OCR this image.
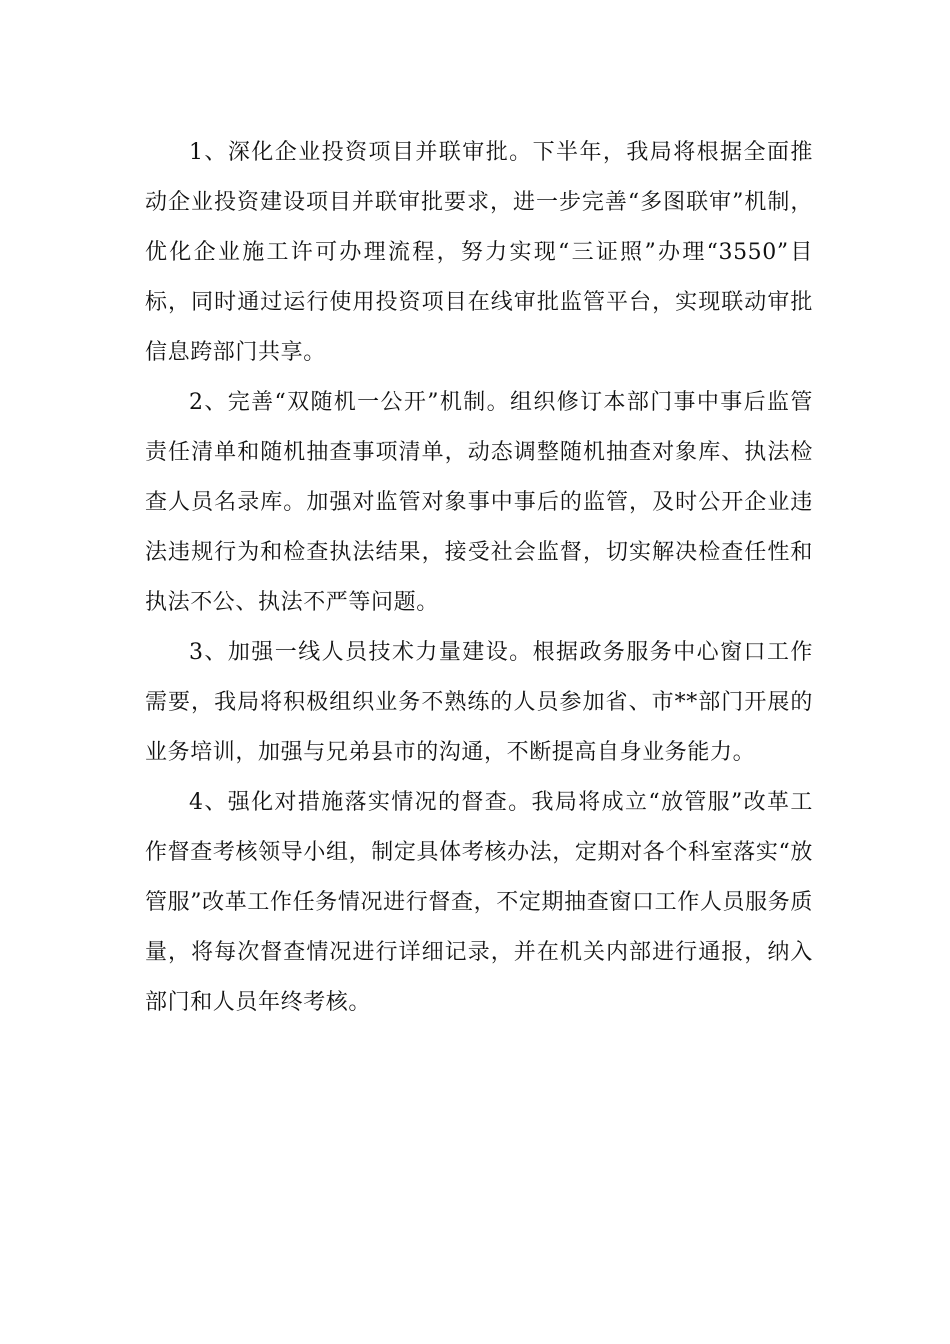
1、深化企业投资项目并联审批。下半年，我局将根据全面推动企业投资建设项目并联审批要求，进一步完善“多图联审”机制，优化企业施工许可办理流程，努力实现“三证照”办理“3550”目标，同时通过运行使用投资项目在线审批监管平台，实现联动审批信息跨部门共享。

2、完善“双随机一公开”机制。组织修订本部门事中事后监管责任清单和随机抽查事项清单，动态调整随机抽查对象库、执法检查人员名录库。加强对监管对象事中事后的监管，及时公开企业违法违规行为和检查执法结果，接受社会监督，切实解决检查任性和执法不公、执法不严等问题。

3、加强一线人员技术力量建设。根据政务服务中心窗口工作需要，我局将积极组织业务不熟练的人员参加省、市**部门开展的业务培训，加强与兄弟县市的沟通，不断提高自身业务能力。

4、强化对措施落实情况的督查。我局将成立“放管服”改革工作督查考核领导小组，制定具体考核办法，定期对各个科室落实“放管服”改革工作任务情况进行督查，不定期抽查窗口工作人员服务质量，将每次督查情况进行详细记录，并在机关内部进行通报，纳入部门和人员年终考核。
